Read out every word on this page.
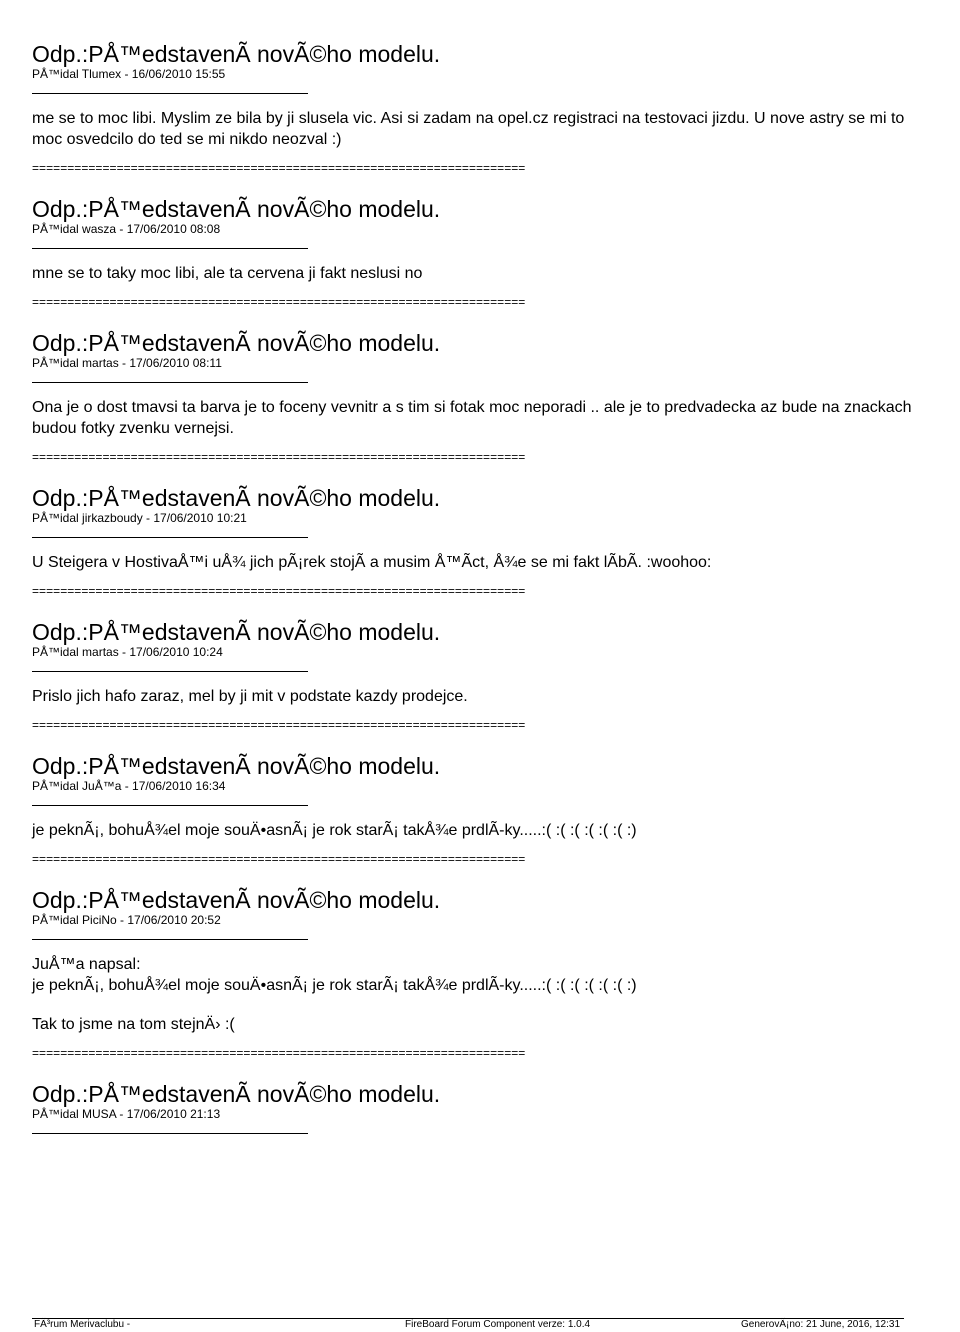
Odp.:PÅ™edstavenÃ novÃ©ho modelu.
PÅ™idal Tlumex - 16/06/2010 15:55

me se to moc libi. Myslim ze bila by ji slusela vic. Asi si zadam na opel.cz registraci na testovaci jizdu. U nove astry se mi to moc osvedcilo do ted se mi nikdo neozval :)

======================================================================
Odp.:PÅ™edstavenÃ novÃ©ho modelu.
PÅ™idal wasza - 17/06/2010 08:08

mne se to taky moc libi, ale ta cervena ji fakt neslusi no

======================================================================
Odp.:PÅ™edstavenÃ novÃ©ho modelu.
PÅ™idal martas - 17/06/2010 08:11

Ona je o dost tmavsi ta barva je to foceny vevnitr a s tim si fotak moc neporadi .. ale je to predvadecka az bude na znackach budou fotky zvenku vernejsi.

======================================================================
Odp.:PÅ™edstavenÃ novÃ©ho modelu.
PÅ™idal jirkazboudy - 17/06/2010 10:21

U Steigera v HostivaÅ™i uÅ¾ jich pÃ¡rek stojÃ a musim Å™Ãct, Å¾e se mi fakt lÃbÃ. :woohoo:

======================================================================
Odp.:PÅ™edstavenÃ novÃ©ho modelu.
PÅ™idal martas - 17/06/2010 10:24

Prislo jich hafo zaraz, mel by ji mit v podstate kazdy prodejce.

======================================================================
Odp.:PÅ™edstavenÃ novÃ©ho modelu.
PÅ™idal JuÅ™a - 17/06/2010 16:34

je peknÃ¡, bohuÅ¾el moje souÄ•asnÃ¡ je rok starÃ¡ takÅ¾e prdlÃ-ky.....:( :( :( :( :( :( :)

======================================================================
Odp.:PÅ™edstavenÃ novÃ©ho modelu.
PÅ™idal PiciNo - 17/06/2010 20:52

JuÅ™a napsal:

je peknÃ¡, bohuÅ¾el moje souÄ•asnÃ¡ je rok starÃ¡ takÅ¾e prdlÃ-ky.....:( :( :( :( :( :( :)

Tak to jsme na tom stejnÄ› :(

======================================================================
Odp.:PÅ™edstavenÃ novÃ©ho modelu.
PÅ™idal MUSA - 17/06/2010 21:13
FÃ³rum Merivaclubu -	FireBoard Forum Component verze: 1.0.4	GenerovÃ¡no: 21 June, 2016, 12:31
